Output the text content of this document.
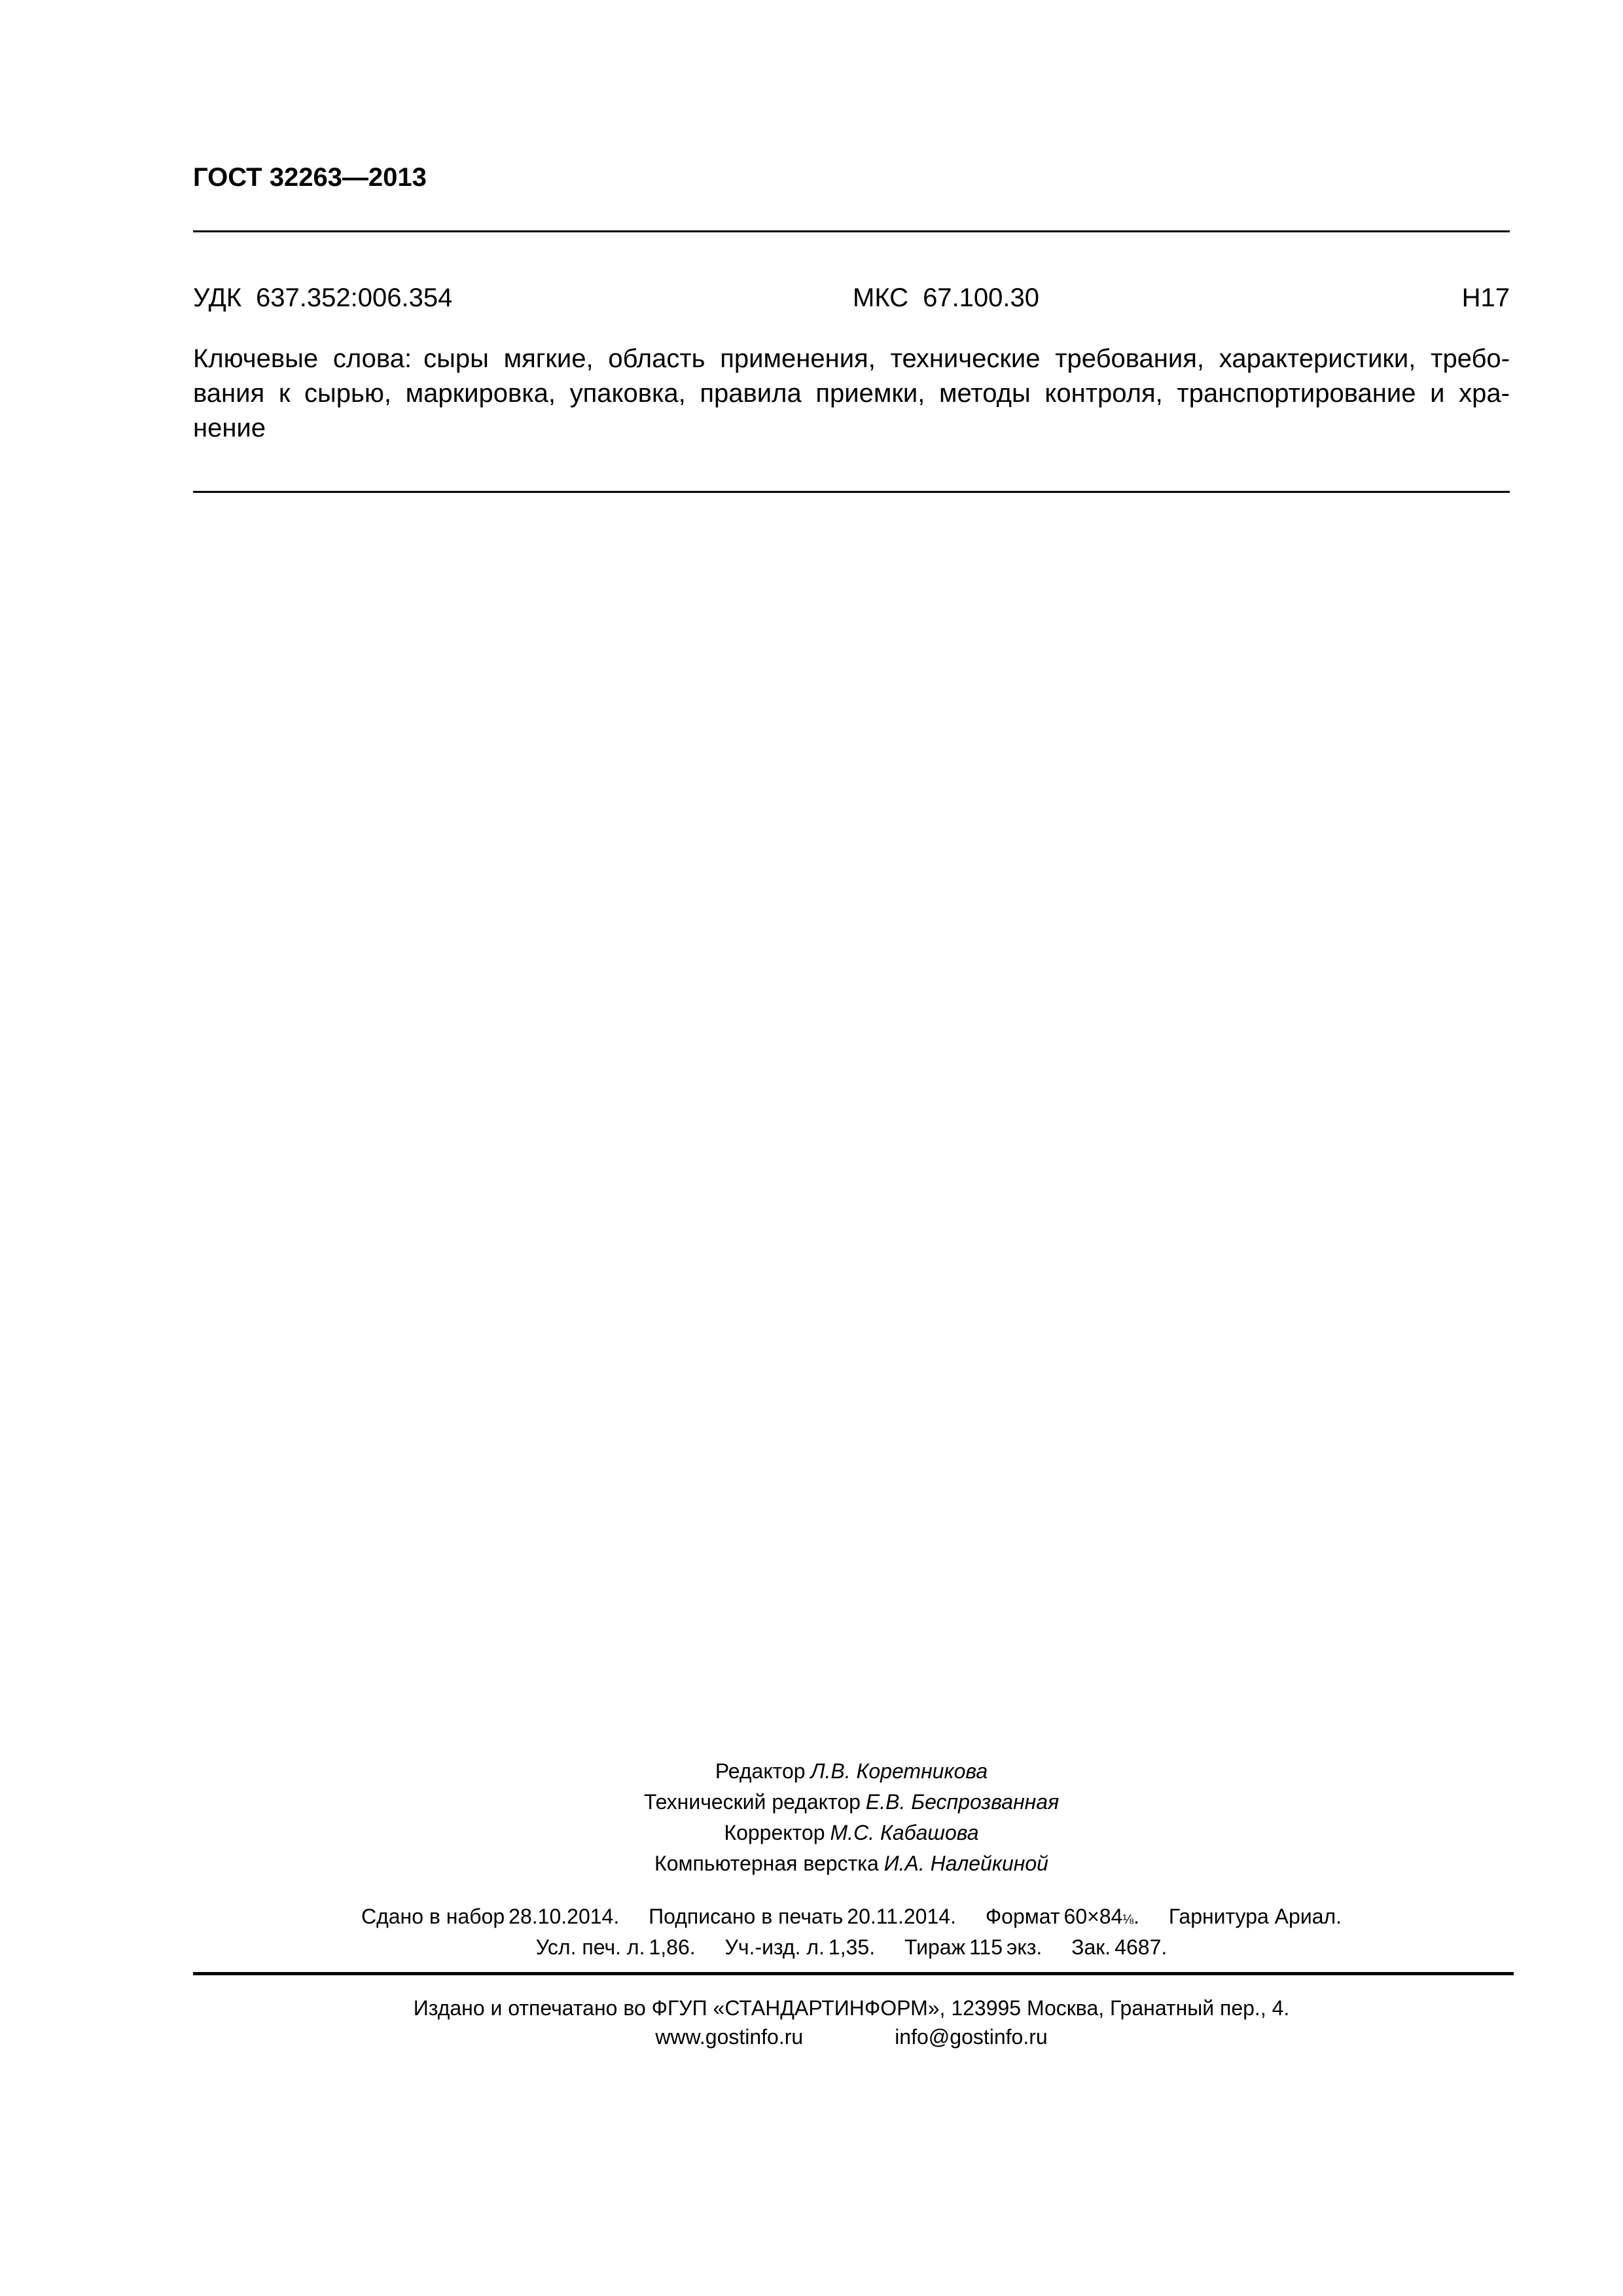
ГОСТ 32263—2013
УДК 637.352:006.354	МКС 67.100.30	Н17
Ключевые слова: сыры мягкие, область применения, технические требования, характеристики, требо-
вания к сырью, маркировка, упаковка, правила приемки, методы контроля, транспортирование и хра-
нение
Редактор Л.В. Коретникова
Технический редактор Е.В. Беспрозванная
Корректор М.С. Кабашова
Компьютерная верстка И.А. Налейкиной
Сдано в набор 28.10.2014. Подписано в печать 20.11.2014. Формат 60×84⅛. Гарнитура Ариал.
Усл. печ. л. 1,86. Уч.-изд. л. 1,35. Тираж 115 экз. Зак. 4687.
Издано и отпечатано во ФГУП «СТАНДАРТИНФОРМ», 123995 Москва, Гранатный пер., 4.
www.gostinfo.ru	info@gostinfo.ru
